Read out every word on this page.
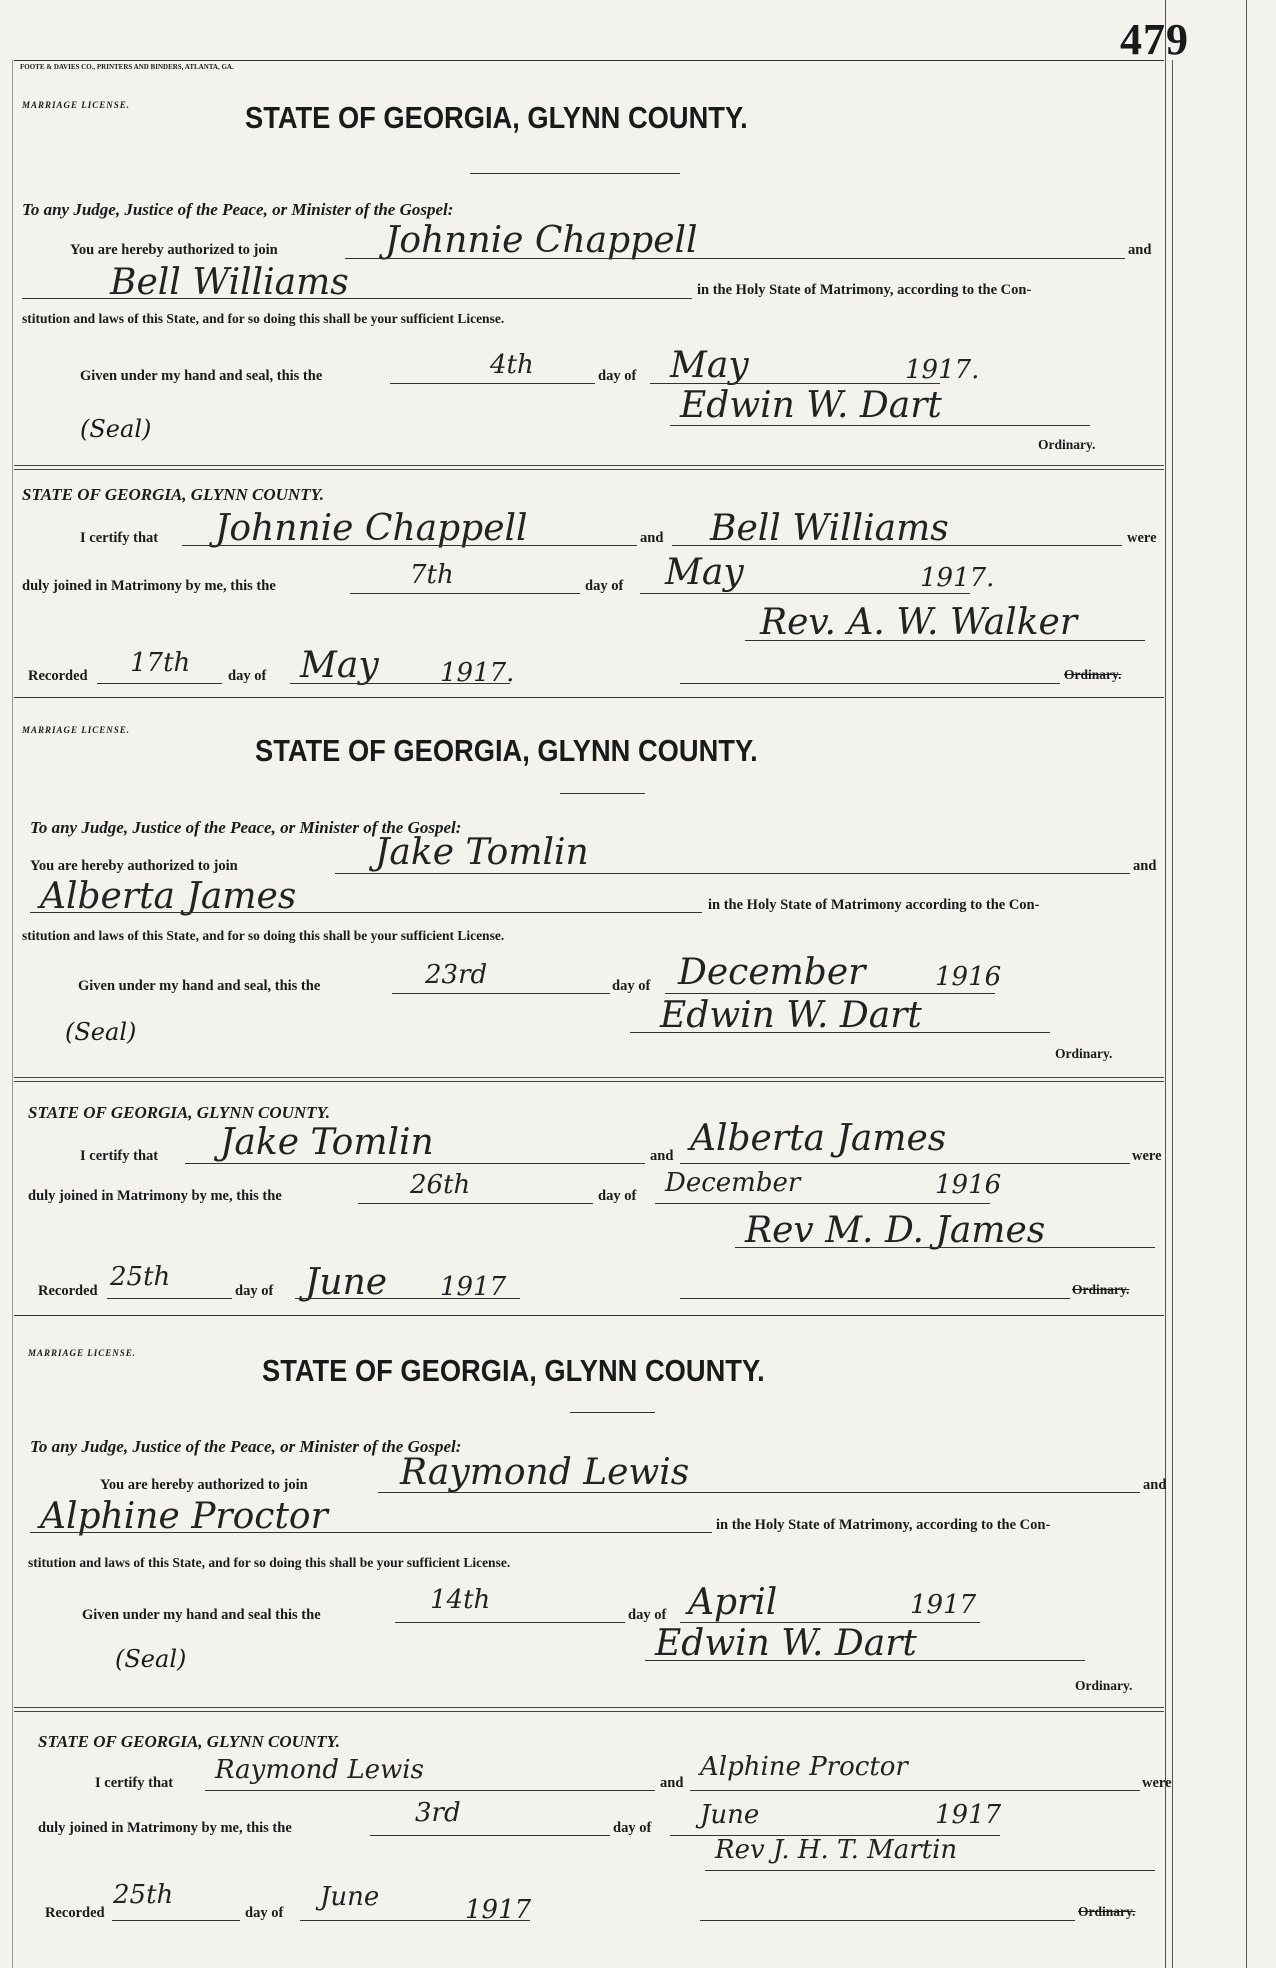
479
FOOTE & DAVIES CO., PRINTERS AND BINDERS, ATLANTA, GA.
MARRIAGE LICENSE.	STATE OF GEORGIA, GLYNN COUNTY.
To any Judge, Justice of the Peace, or Minister of the Gospel:
You are hereby authorized to join	Johnnie Chappell	and
Bell Williams	in the Holy State of Matrimony, according to the Con-
stitution and laws of this State, and for so doing this shall be your sufficient License.
Given under my hand and seal, this the	4th	day of May	1917.
(Seal)
Edwin W. Dart
Ordinary.
STATE OF GEORGIA, GLYNN COUNTY.
I certify that Johnnie Chappell	and Bell Williams	were
duly joined in Matrimony by me, this the	7th	day of May	1917.
Rev. A. W. Walker
Recorded 17th	day of May 1917.	Ordinary.
MARRIAGE LICENSE.
STATE OF GEORGIA, GLYNN COUNTY.
To any Judge, Justice of the Peace, or Minister of the Gospel:
You are hereby authorized to join	Jake Tomlin	and
Alberta James	in the Holy State of Matrimony according to the Con-
stitution and laws of this State, and for so doing this shall be your sufficient License.
Given under my hand and seal, this the	23rd	day of December	1916
(Seal)	Edwin W. Dart
Ordinary.
STATE OF GEORGIA, GLYNN COUNTY.
I certify that Jake Tomlin	and Alberta James	were
duly joined in Matrimony by me, this the	26th	day of December	1916
Rev M. D. James
Recorded 25th	day of June 1917	Ordinary.
MARRIAGE LICENSE.	STATE OF GEORGIA, GLYNN COUNTY.
To any Judge, Justice of the Peace, or Minister of the Gospel:
You are hereby authorized to join	Raymond Lewis	and
Alphine Proctor	in the Holy State of Matrimony, according to the Con-
stitution and laws of this State, and for so doing this shall be your sufficient License.
Given under my hand and seal this the	14th	day of April	1917
(Seal)	Edwin W. Dart
Ordinary.
STATE OF GEORGIA, GLYNN COUNTY.
I certify that Raymond Lewis	and
Alphine Proctor
were
duly joined in Matrimony by me, this the	3rd	day of June	1917
Rev J. H. T. Martin
Recorded
25th
day of
June	1917	Ordinary.
